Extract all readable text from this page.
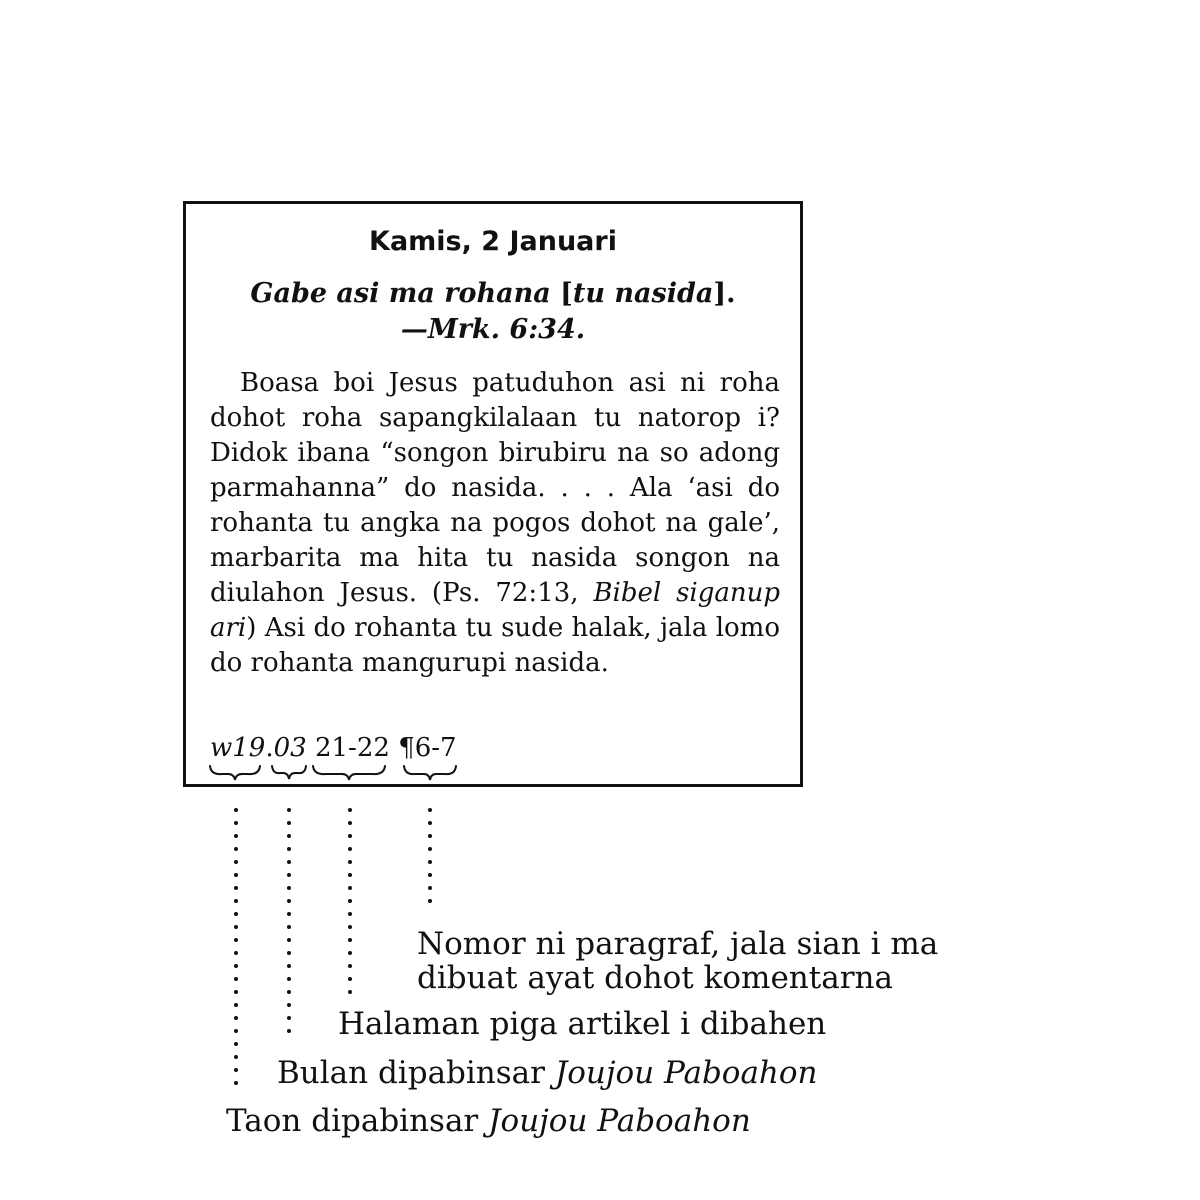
Kamis, 2 Januari
Gabe asi ma rohana [tu nasida].
—Mrk. 6:34.

Boasa boi Jesus patuduhon asi ni roha dohot roha sapangkilalaan tu natorop i? Didok ibana “songon birubiru na so adong parmahanna” do nasida. . . . Ala ‘asi do rohanta tu angka na pogos dohot na gale’, marbarita ma hita tu nasida songon na diulahon Jesus. (Ps. 72:13, Bibel siganup ari) Asi do rohanta tu sude halak, jala lomo do rohanta mangurupi nasida.

w19.03 21-22 ¶6-7
Nomor ni paragraf, jala sian i ma
dibuat ayat dohot komentarna
Halaman piga artikel i dibahen
Bulan dipabinsar Joujou Paboahon
Taon dipabinsar Joujou Paboahon
